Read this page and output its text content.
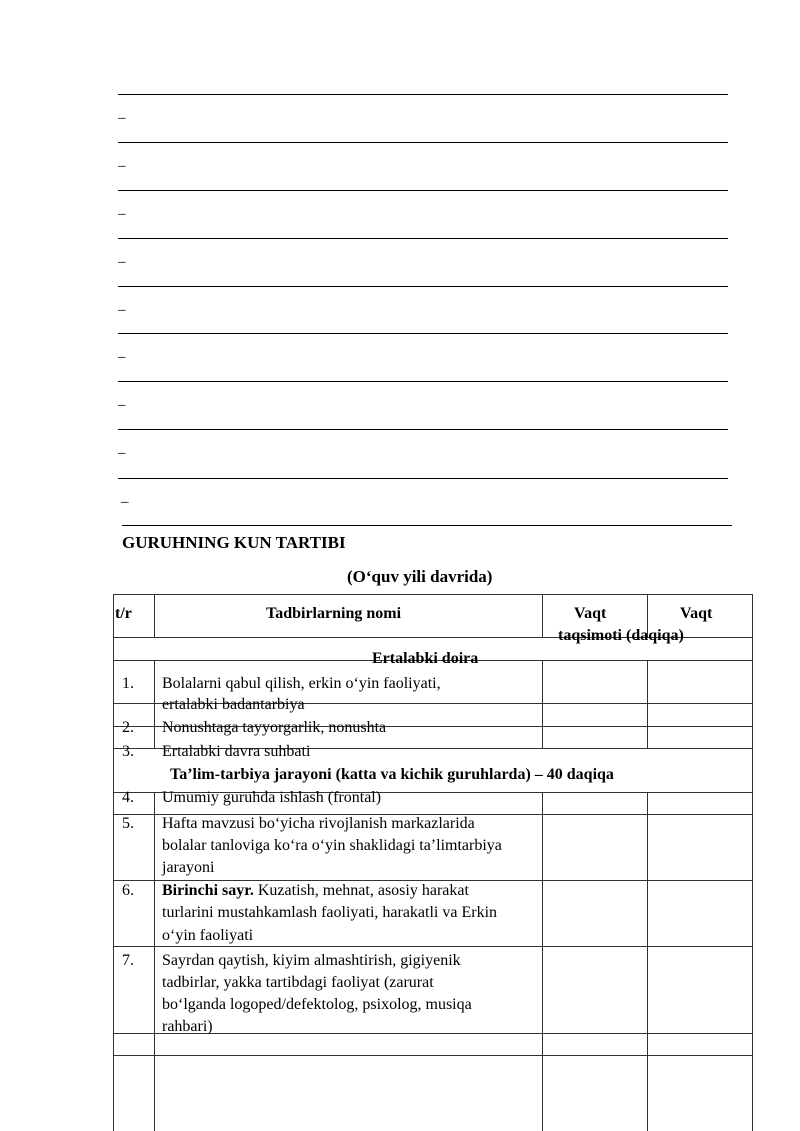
–
–
–
–
–
–
–
–
–
GURUHNING KUN TARTIBI
(O‘quv yili davrida)
t/r	Tadbirlarning nomi	Vaqt	Vaqt
taqsimoti (daqiqa)
Ertalabki doira
1. Bolalarni qabul qilish, erkin o‘yin faoliyati,
ertalabki badantarbiya
2. Nonushtaga tayyorgarlik, nonushta
3. Ertalabki davra suhbati
Ta’lim-tarbiya jarayoni (katta va kichik guruhlarda) – 40 daqiqa
4. Umumiy guruhda ishlash (frontal)
5. Hafta mavzusi bo‘yicha rivojlanish markazlarida
bolalar tanloviga ko‘ra o‘yin shaklidagi ta’limtarbiya
jarayoni
6. Birinchi sayr. Kuzatish, mehnat, asosiy harakat
turlarini mustahkamlash faoliyati, harakatli va Erkin
o‘yin faoliyati
7. Sayrdan qaytish, kiyim almashtirish, gigiyenik
tadbirlar, yakka tartibdagi faoliyat (zarurat
bo‘lganda logoped/defektolog, psixolog, musiqa
rahbari)
